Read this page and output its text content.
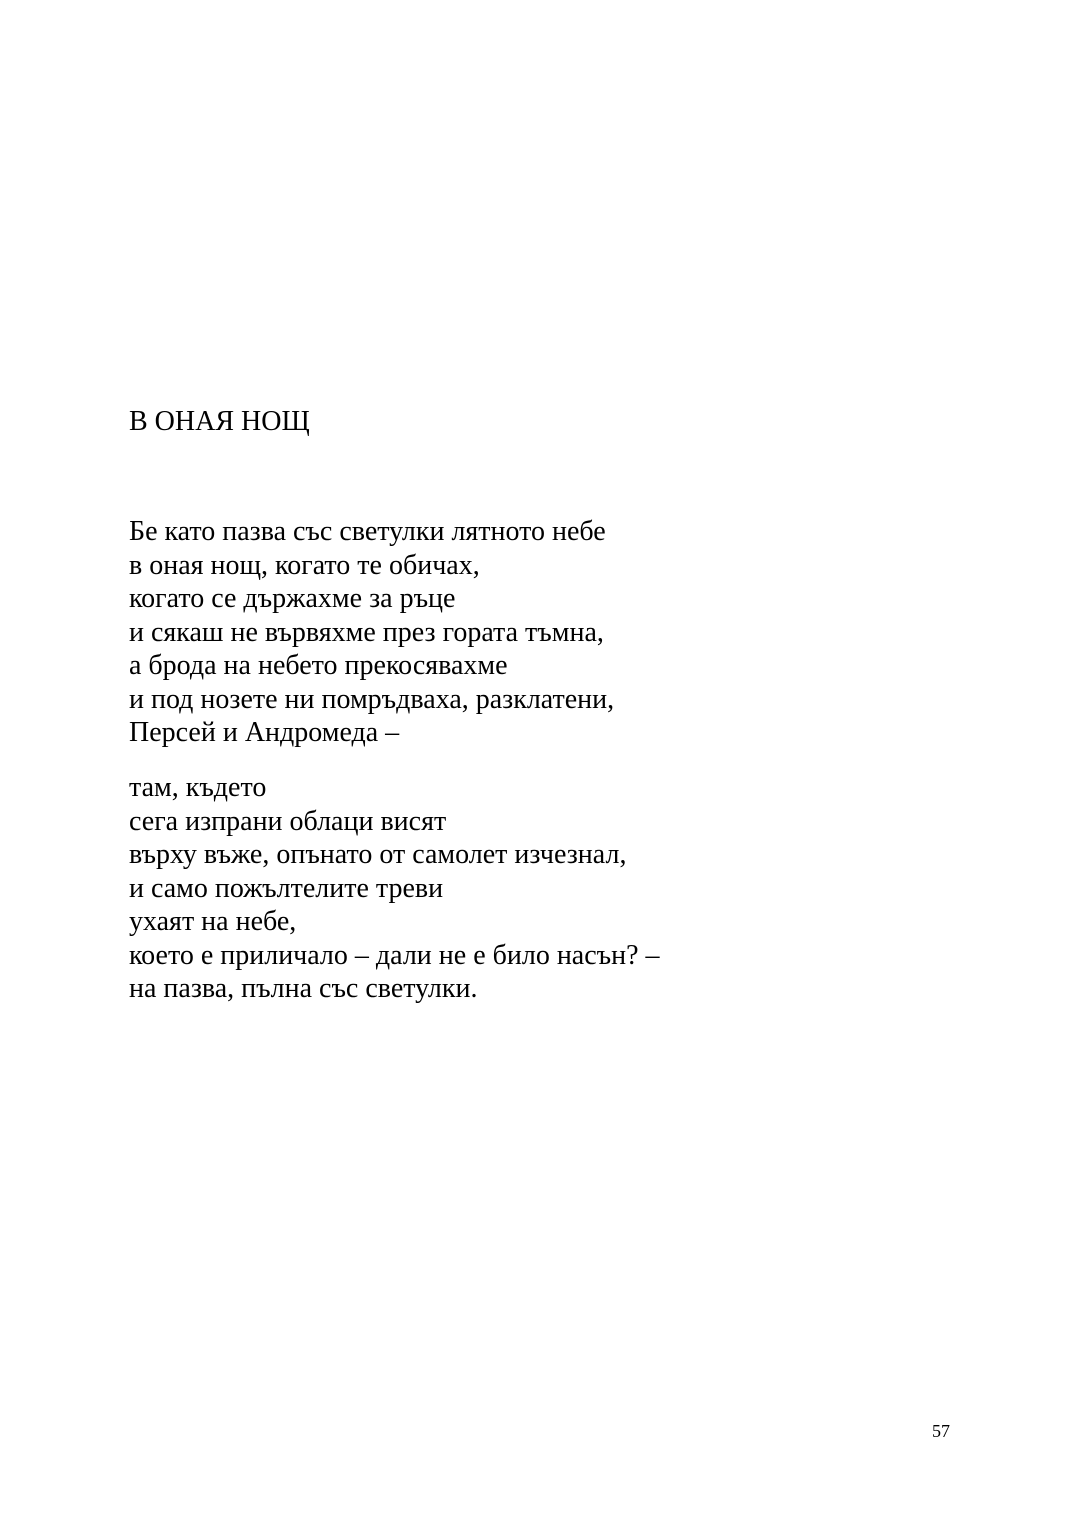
В ОНАЯ НОЩ
Бе като пазва със светулки лятното небе
в оная нощ, когато те обичах,
когато се държахме за ръце
и сякаш не вървяхме през гората тъмна,
а брода на небето прекосявахме
и под нозете ни помръдваха, разклатени,
Персей и Андромеда –
там, където
сега изпрани облаци висят
върху въже, опънато от самолет изчезнал,
и само пожълтелите треви
ухаят на небе,
което е приличало – дали не е било насън? –
на пазва, пълна със светулки.
57
